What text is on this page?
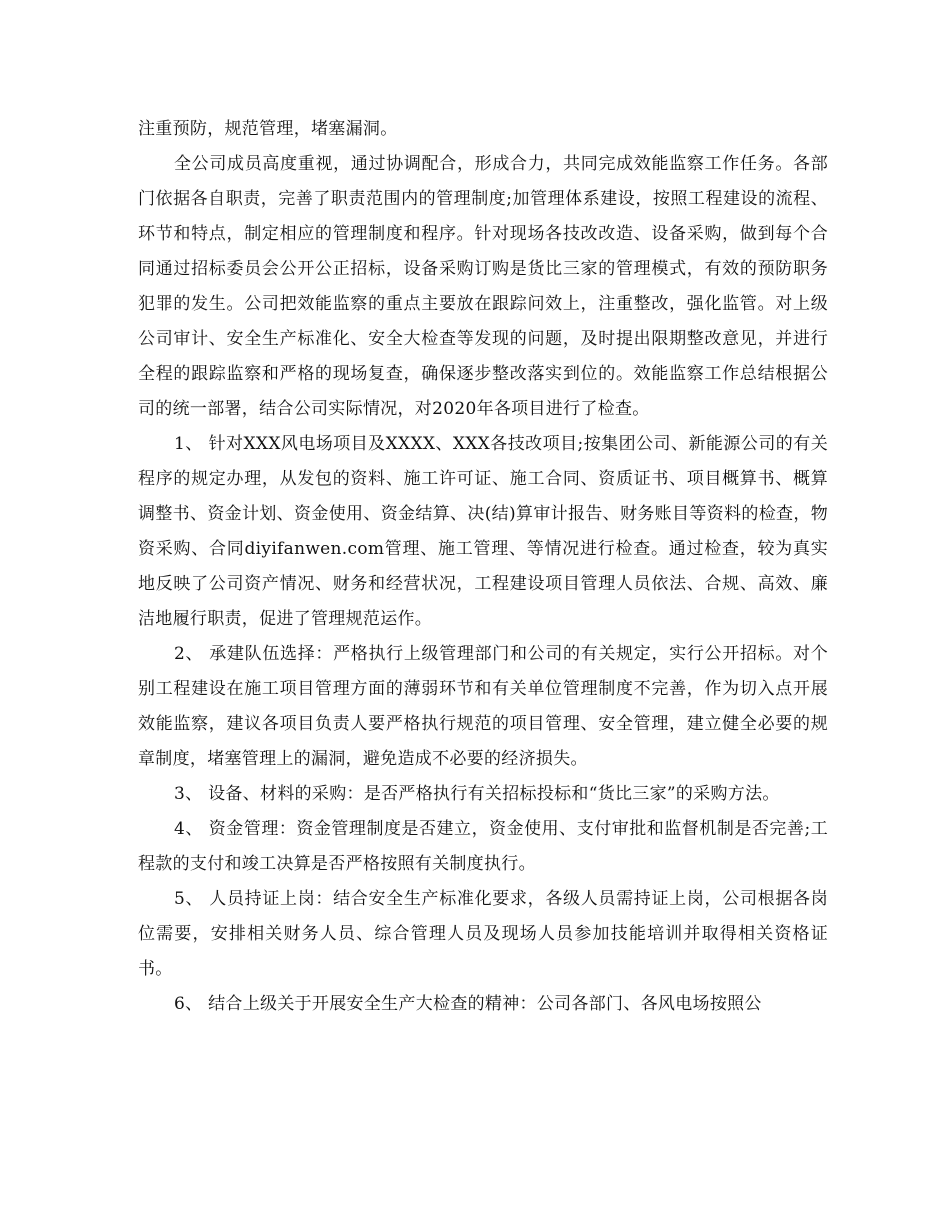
注重预防，规范管理，堵塞漏洞。

全公司成员高度重视，通过协调配合，形成合力，共同完成效能监察工作任务。各部门依据各自职责，完善了职责范围内的管理制度;加管理体系建设，按照工程建设的流程、环节和特点，制定相应的管理制度和程序。针对现场各技改改造、设备采购，做到每个合同通过招标委员会公开公正招标，设备采购订购是货比三家的管理模式，有效的预防职务犯罪的发生。公司把效能监察的重点主要放在跟踪问效上，注重整改，强化监管。对上级公司审计、安全生产标准化、安全大检查等发现的问题，及时提出限期整改意见，并进行全程的跟踪监察和严格的现场复查，确保逐步整改落实到位的。效能监察工作总结根据公司的统一部署，结合公司实际情况，对2020年各项目进行了检查。

1、 针对XXX风电场项目及XXXX、XXX各技改项目;按集团公司、新能源公司的有关程序的规定办理，从发包的资料、施工许可证、施工合同、资质证书、项目概算书、概算调整书、资金计划、资金使用、资金结算、决(结)算审计报告、财务账目等资料的检查，物资采购、合同diyifanwen.com管理、施工管理、等情况进行检查。通过检查，较为真实地反映了公司资产情况、财务和经营状况，工程建设项目管理人员依法、合规、高效、廉洁地履行职责，促进了管理规范运作。

2、 承建队伍选择：严格执行上级管理部门和公司的有关规定，实行公开招标。对个别工程建设在施工项目管理方面的薄弱环节和有关单位管理制度不完善，作为切入点开展效能监察，建议各项目负责人要严格执行规范的项目管理、安全管理，建立健全必要的规章制度，堵塞管理上的漏洞，避免造成不必要的经济损失。

3、 设备、材料的采购：是否严格执行有关招标投标和“货比三家”的采购方法。

4、 资金管理：资金管理制度是否建立，资金使用、支付审批和监督机制是否完善;工程款的支付和竣工决算是否严格按照有关制度执行。

5、 人员持证上岗：结合安全生产标准化要求，各级人员需持证上岗，公司根据各岗位需要，安排相关财务人员、综合管理人员及现场人员参加技能培训并取得相关资格证书。

6、 结合上级关于开展安全生产大检查的精神：公司各部门、各风电场按照公
